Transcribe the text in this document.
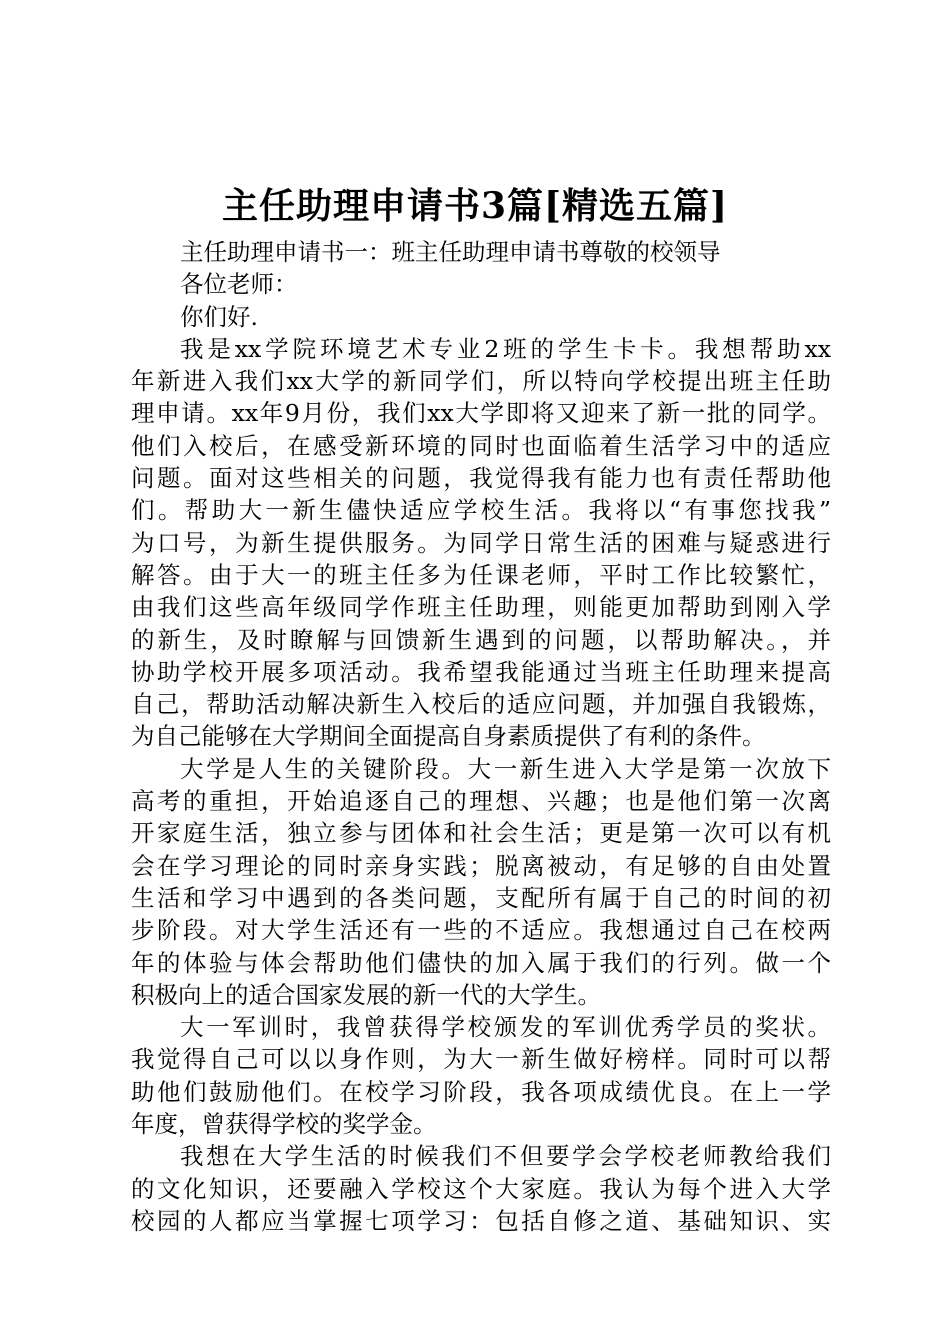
主任助理申请书3篇[精选五篇]
主任助理申请书一：班主任助理申请书尊敬的校领导
各位老师：
你们好.
我是xx学院环境艺术专业2班的学生卡卡。我想帮助xx
年新进入我们xx大学的新同学们，所以特向学校提出班主任助
理申请。xx年9月份，我们xx大学即将又迎来了新一批的同学。
他们入校后，在感受新环境的同时也面临着生活学习中的适应
问题。面对这些相关的问题，我觉得我有能力也有责任帮助他
们。帮助大一新生儘快适应学校生活。我将以“有事您找我”
为口号，为新生提供服务。为同学日常生活的困难与疑惑进行
解答。由于大一的班主任多为任课老师，平时工作比较繁忙，
由我们这些高年级同学作班主任助理，则能更加帮助到刚入学
的新生，及时瞭解与回馈新生遇到的问题，以帮助解决。，并
协助学校开展多项活动。我希望我能通过当班主任助理来提高
自己，帮助活动解决新生入校后的适应问题，并加强自我锻炼，
为自己能够在大学期间全面提高自身素质提供了有利的条件。
大学是人生的关键阶段。大一新生进入大学是第一次放下
高考的重担，开始追逐自己的理想、兴趣；也是他们第一次离
开家庭生活，独立参与团体和社会生活；更是第一次可以有机
会在学习理论的同时亲身实践；脱离被动，有足够的自由处置
生活和学习中遇到的各类问题，支配所有属于自己的时间的初
步阶段。对大学生活还有一些的不适应。我想通过自己在校两
年的体验与体会帮助他们儘快的加入属于我们的行列。做一个
积极向上的适合国家发展的新一代的大学生。
大一军训时，我曾获得学校颁发的军训优秀学员的奖状。
我觉得自己可以以身作则，为大一新生做好榜样。同时可以帮
助他们鼓励他们。在校学习阶段，我各项成绩优良。在上一学
年度，曾获得学校的奖学金。
我想在大学生活的时候我们不但要学会学校老师教给我们
的文化知识，还要融入学校这个大家庭。我认为每个进入大学
校园的人都应当掌握七项学习：包括自修之道、基础知识、实
